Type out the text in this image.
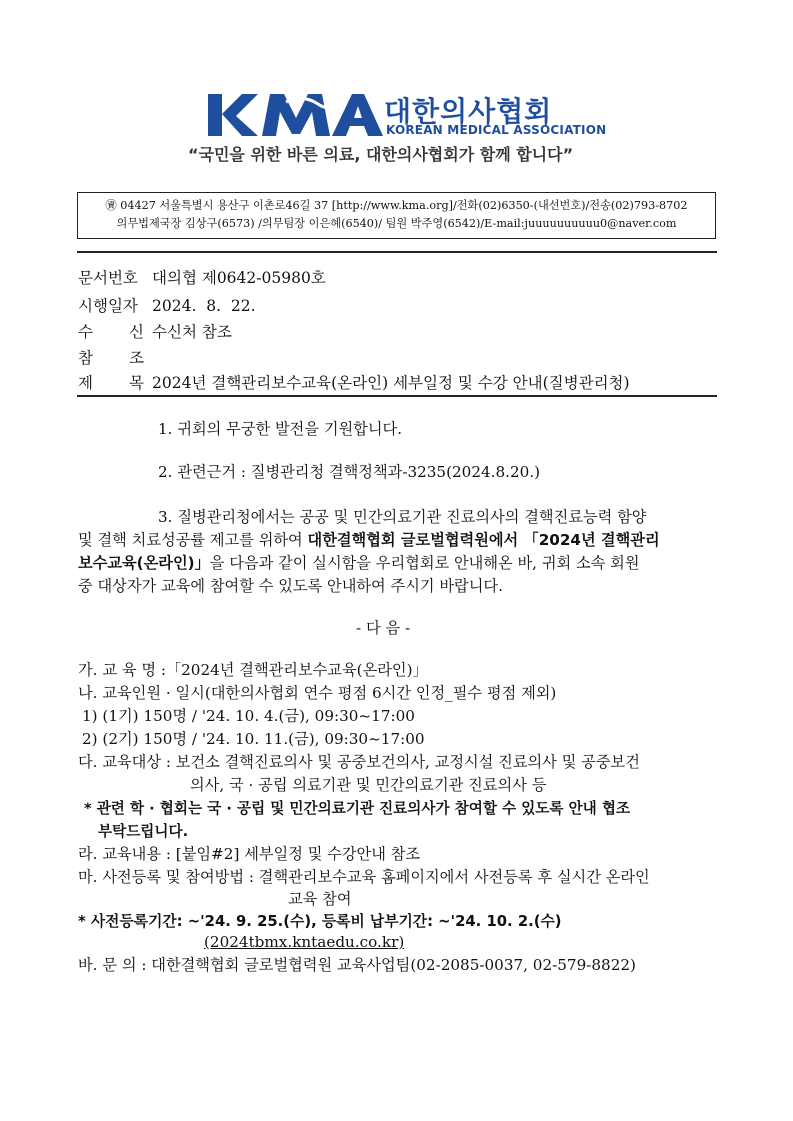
대한의사협회
KOREAN MEDICAL ASSOCIATION
“국민을 위한 바른 의료, 대한의사협회가 함께 합니다”
㊮ 04427 서울특별시 용산구 이촌로46길 37 [http://www.kma.org]/전화(02)6350-(내선번호)/전송(02)793-8702
의무법제국장 김상구(6573) /의무팀장 이은혜(6540)/ 팀원 박주영(6542)/E-mail:juuuuuuuuuu0@naver.com
문서번호 대의협 제0642-05980호
시행일자 2024.  8.  22.
수 신 수신처 참조
참 조
제 목 2024년 결핵관리보수교육(온라인) 세부일정 및 수강 안내(질병관리청)
1. 귀회의 무궁한 발전을 기원합니다.
2. 관련근거 : 질병관리청 결핵정책과-3235(2024.8.20.)
3. 질병관리청에서는 공공 및 민간의료기관 진료의사의 결핵진료능력 함양
및 결핵 치료성공률 제고를 위하여 대한결핵협회 글로벌협력원에서 「2024년 결핵관리
보수교육(온라인)」을 다음과 같이 실시함을 우리협회로 안내해온 바, 귀회 소속 회원
중 대상자가 교육에 참여할 수 있도록 안내하여 주시기 바랍니다.
- 다 음 -
가. 교 육 명 :「2024년 결핵관리보수교육(온라인)」
나. 교육인원 · 일시(대한의사협회 연수 평점 6시간 인정_필수 평점 제외)
1) (1기) 150명 / '24. 10. 4.(금), 09:30~17:00
2) (2기) 150명 / '24. 10. 11.(금), 09:30~17:00
다. 교육대상 : 보건소 결핵진료의사 및 공중보건의사, 교정시설 진료의사 및 공중보건
의사, 국 · 공립 의료기관 및 민간의료기관 진료의사 등
* 관련 학 · 협회는 국 · 공립 및 민간의료기관 진료의사가 참여할 수 있도록 안내 협조
부탁드립니다.
라. 교육내용 : [붙임#2] 세부일정 및 수강안내 참조
마. 사전등록 및 참여방법 : 결핵관리보수교육 홈페이지에서 사전등록 후 실시간 온라인
교육 참여
* 사전등록기간: ~'24. 9. 25.(수), 등록비 납부기간: ~'24. 10. 2.(수)
(2024tbmx.kntaedu.co.kr)
바. 문 의 : 대한결핵협회 글로벌협력원 교육사업팀(02-2085-0037, 02-579-8822)
